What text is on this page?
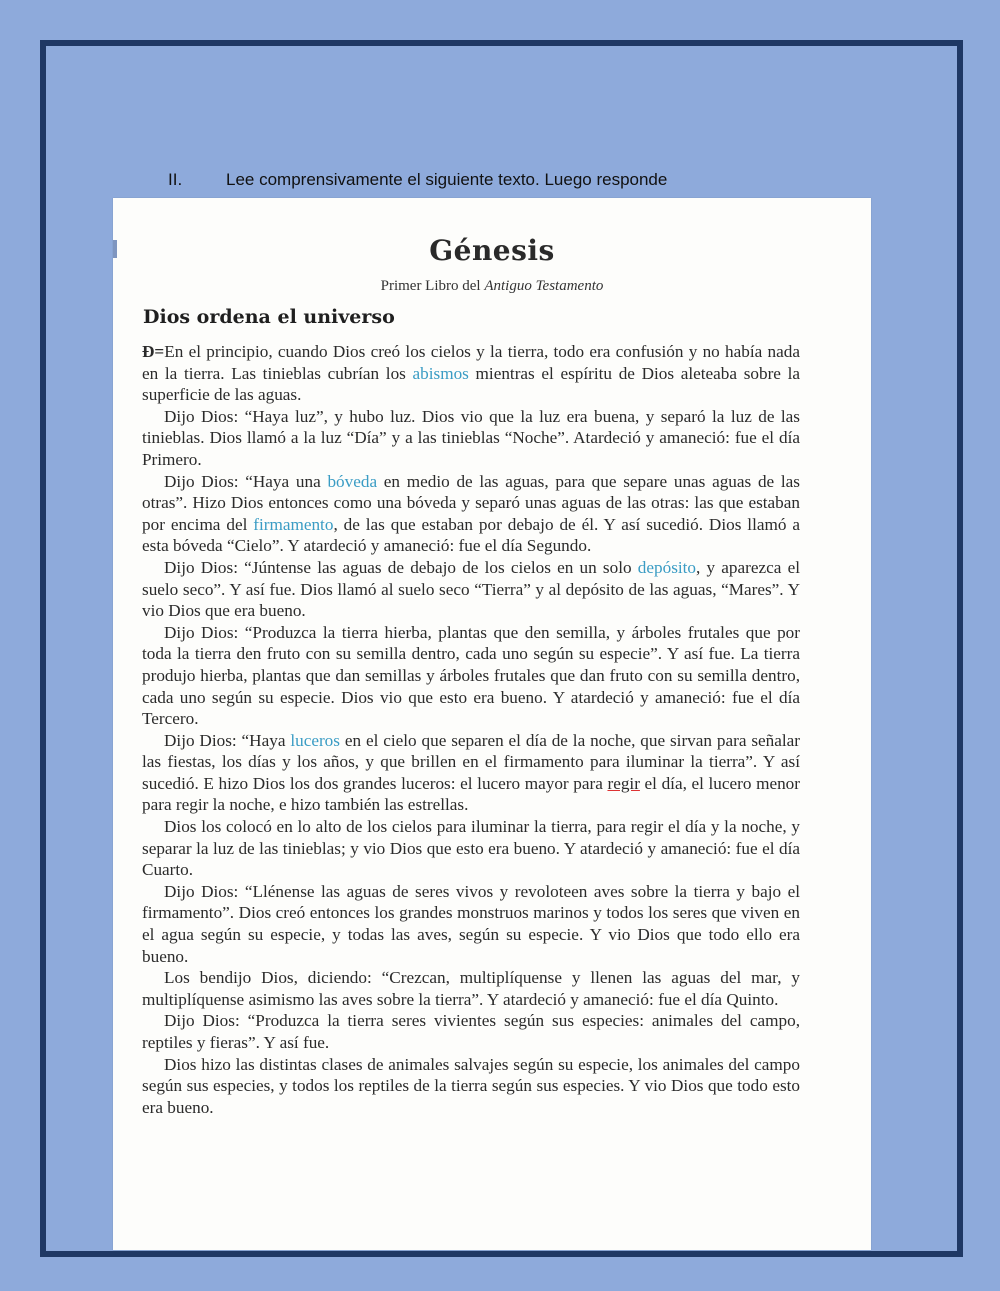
II.	Lee comprensivamente el siguiente texto. Luego responde
Génesis
Primer Libro del Antiguo Testamento
Dios ordena el universo

Ð=En el principio, cuando Dios creó los cielos y la tierra, todo era confusión y no había nada en la tierra. Las tinieblas cubrían los abismos mientras el espíritu de Dios aleteaba sobre la superficie de las aguas.

Dijo Dios: “Haya luz”, y hubo luz. Dios vio que la luz era buena, y separó la luz de las tinieblas. Dios llamó a la luz “Día” y a las tinieblas “Noche”. Atardeció y amaneció: fue el día Primero.

Dijo Dios: “Haya una bóveda en medio de las aguas, para que separe unas aguas de las otras”. Hizo Dios entonces como una bóveda y separó unas aguas de las otras: las que estaban por encima del firmamento, de las que estaban por debajo de él. Y así sucedió. Dios llamó a esta bóveda “Cielo”. Y atardeció y amaneció: fue el día Segundo.

Dijo Dios: “Júntense las aguas de debajo de los cielos en un solo depósito, y aparezca el suelo seco”. Y así fue. Dios llamó al suelo seco “Tierra” y al depósito de las aguas, “Mares”. Y vio Dios que era bueno.

Dijo Dios: “Produzca la tierra hierba, plantas que den semilla, y árboles frutales que por toda la tierra den fruto con su semilla dentro, cada uno según su especie”. Y así fue. La tierra produjo hierba, plantas que dan semillas y árboles frutales que dan fruto con su semilla dentro, cada uno según su especie. Dios vio que esto era bueno. Y atardeció y amaneció: fue el día Tercero.

Dijo Dios: “Haya luceros en el cielo que separen el día de la noche, que sirvan para señalar las fiestas, los días y los años, y que brillen en el firmamento para iluminar la tierra”. Y así sucedió. E hizo Dios los dos grandes luceros: el lucero mayor para regir el día, el lucero menor para regir la noche, e hizo también las estrellas.

Dios los colocó en lo alto de los cielos para iluminar la tierra, para regir el día y la noche, y separar la luz de las tinieblas; y vio Dios que esto era bueno. Y atardeció y amaneció: fue el día Cuarto.

Dijo Dios: “Llénense las aguas de seres vivos y revoloteen aves sobre la tierra y bajo el firmamento”. Dios creó entonces los grandes monstruos marinos y todos los seres que viven en el agua según su especie, y todas las aves, según su especie. Y vio Dios que todo ello era bueno.

Los bendijo Dios, diciendo: “Crezcan, multiplíquense y llenen las aguas del mar, y multiplíquense asimismo las aves sobre la tierra”. Y atardeció y amaneció: fue el día Quinto.

Dijo Dios: “Produzca la tierra seres vivientes según sus especies: animales del campo, reptiles y fieras”. Y así fue.

Dios hizo las distintas clases de animales salvajes según su especie, los animales del campo según sus especies, y todos los reptiles de la tierra según sus especies. Y vio Dios que todo esto era bueno.
